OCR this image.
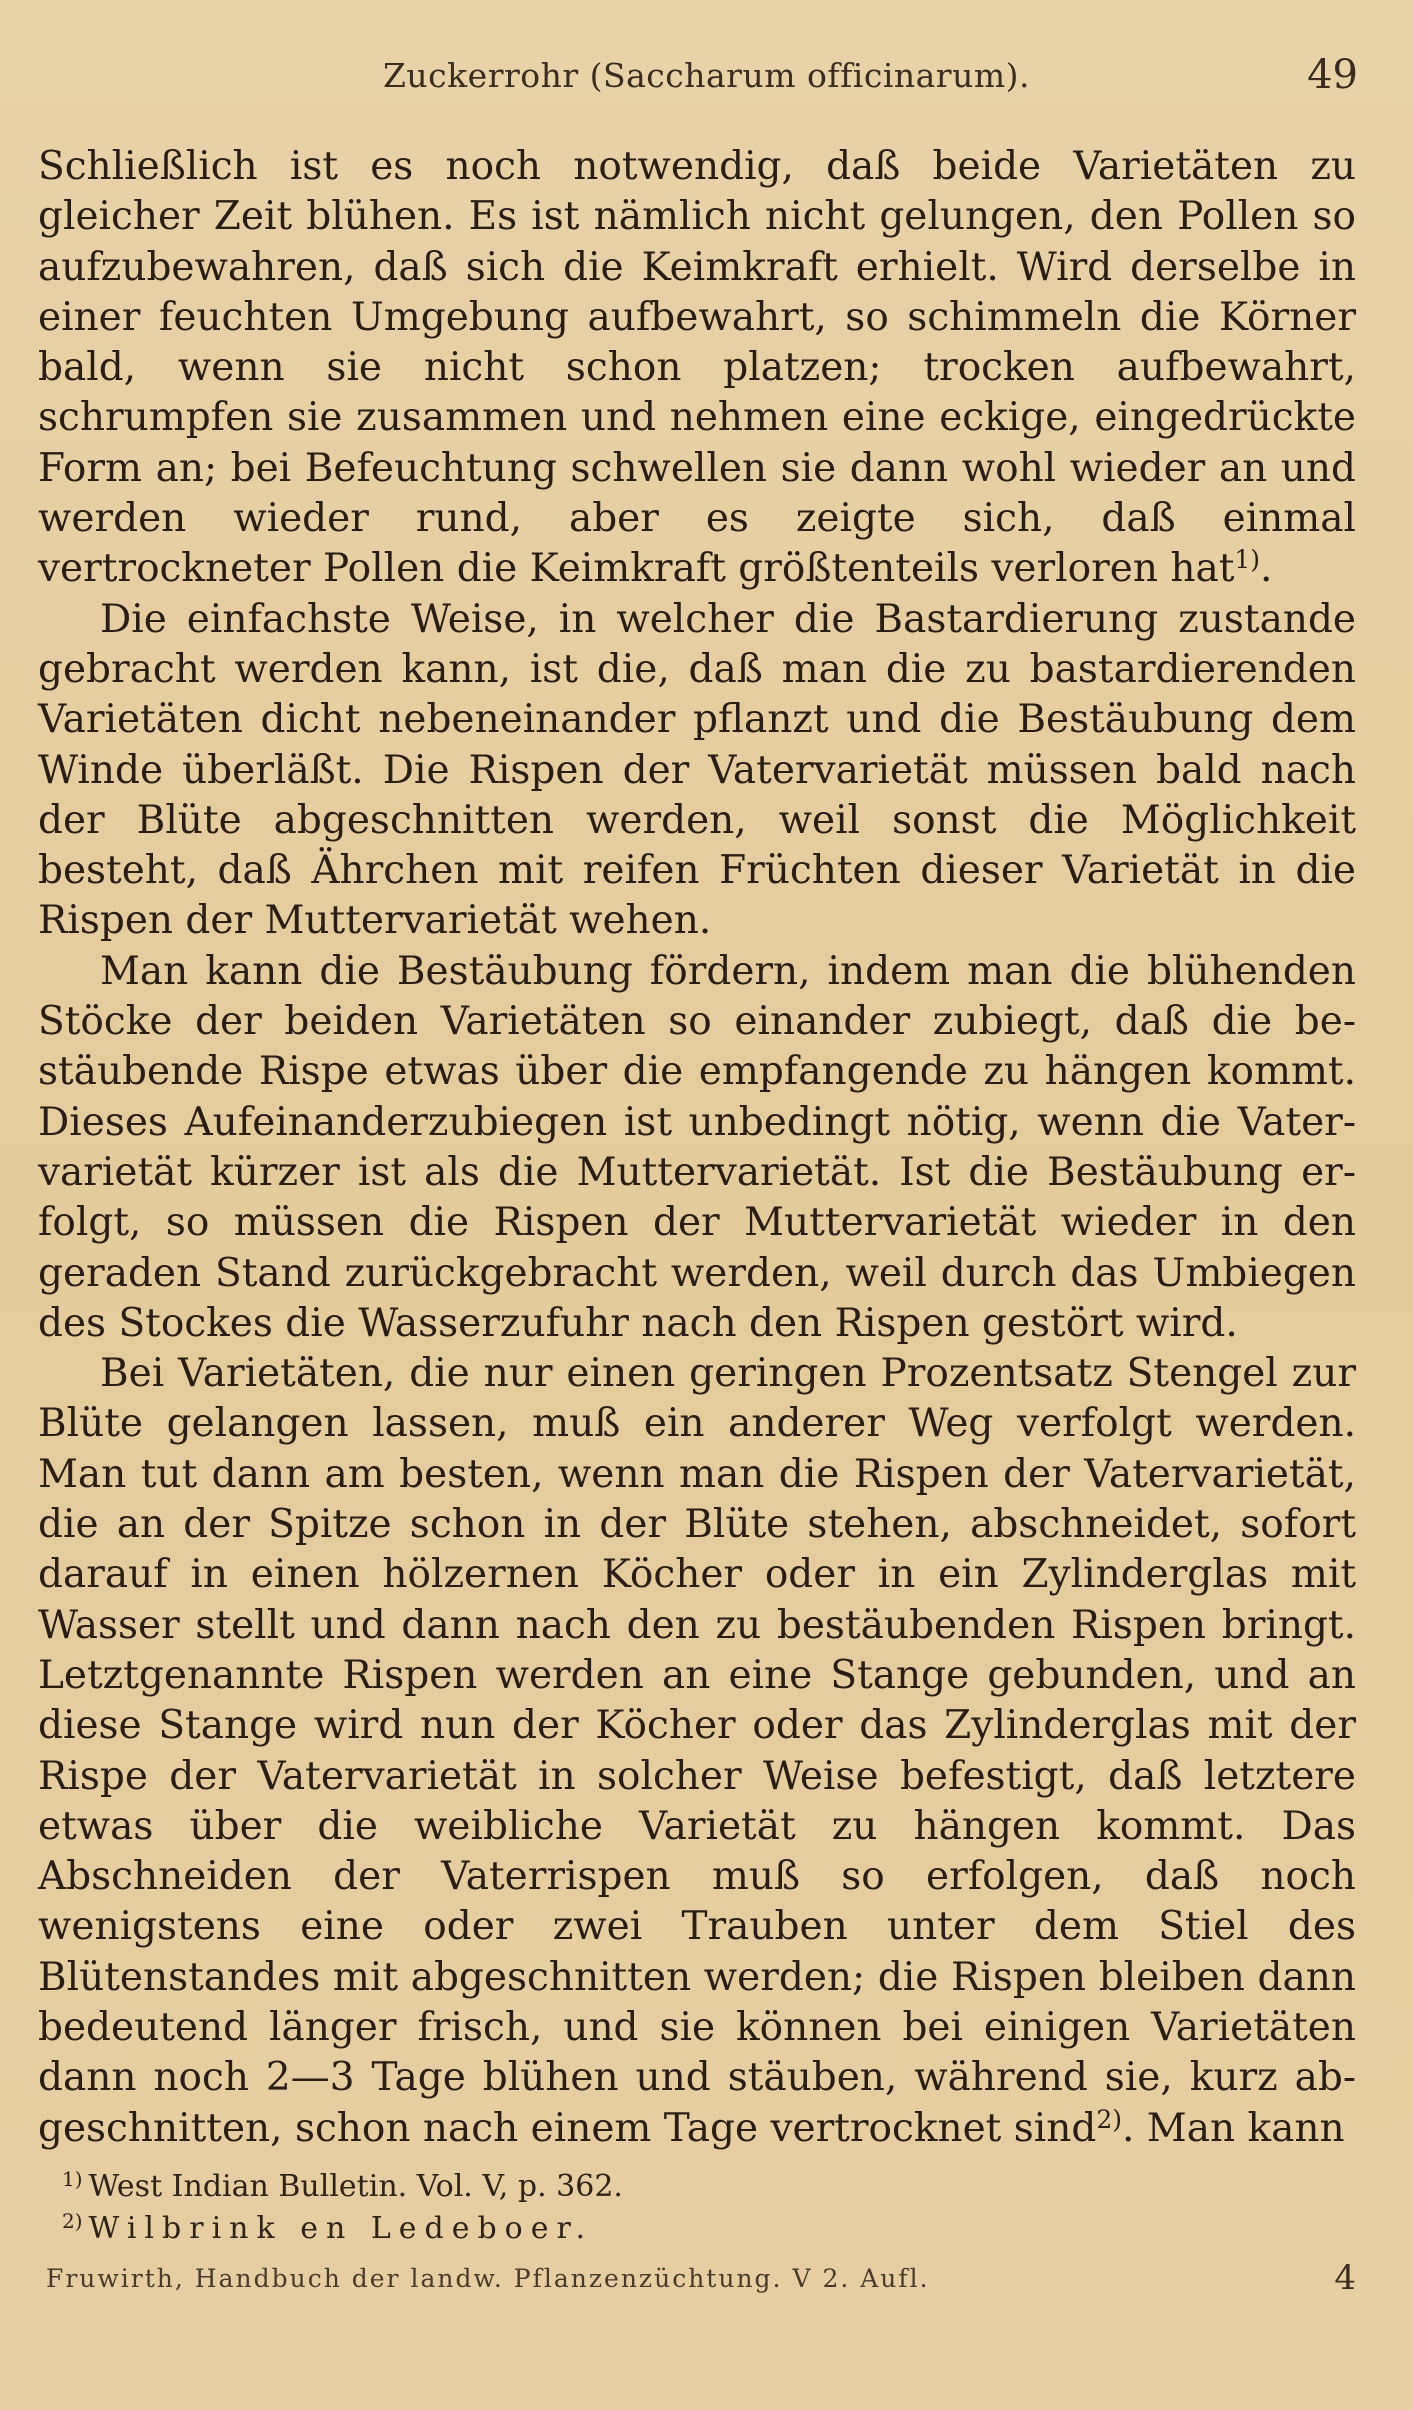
Zuckerrohr (Saccharum officinarum).	49

Schließlich ist es noch notwendig, daß beide Varietäten zu gleicher Zeit blühen. Es ist nämlich nicht gelungen, den Pollen so aufzubewahren, daß sich die Keimkraft erhielt. Wird derselbe in einer feuchten Umgebung aufbewahrt, so schimmeln die Körner bald, wenn sie nicht schon platzen; trocken aufbewahrt, schrumpfen sie zusammen und nehmen eine eckige, eingedrückte Form an; bei Befeuchtung schwellen sie dann wohl wieder an und werden wieder rund, aber es zeigte sich, daß einmal vertrockneter Pollen die Keimkraft größtenteils verloren hat$^{1)}$.

Die einfachste Weise, in welcher die Bastardierung zustande gebracht werden kann, ist die, daß man die zu bastardierenden Varietäten dicht nebeneinander pflanzt und die Bestäubung dem Winde überläßt. Die Rispen der Vatervarietät müssen bald nach der Blüte abgeschnitten werden, weil sonst die Möglichkeit besteht, daß Ährchen mit reifen Früchten dieser Varietät in die Rispen der Muttervarietät wehen.

Man kann die Bestäubung fördern, indem man die blühenden Stöcke der beiden Varietäten so einander zubiegt, daß die bestäubende Rispe etwas über die empfangende zu hängen kommt. Dieses Aufeinanderzubiegen ist unbedingt nötig, wenn die Vatervarietät kürzer ist als die Muttervarietät. Ist die Bestäubung erfolgt, so müssen die Rispen der Muttervarietät wieder in den geraden Stand zurückgebracht werden, weil durch das Umbiegen des Stockes die Wasserzufuhr nach den Rispen gestört wird.

Bei Varietäten, die nur einen geringen Prozentsatz Stengel zur Blüte gelangen lassen, muß ein anderer Weg verfolgt werden. Man tut dann am besten, wenn man die Rispen der Vatervarietät, die an der Spitze schon in der Blüte stehen, abschneidet, sofort darauf in einen hölzernen Köcher oder in ein Zylinderglas mit Wasser stellt und dann nach den zu bestäubenden Rispen bringt. Letztgenannte Rispen werden an eine Stange gebunden, und an diese Stange wird nun der Köcher oder das Zylinderglas mit der Rispe der Vatervarietät in solcher Weise befestigt, daß letztere etwas über die weibliche Varietät zu hängen kommt. Das Abschneiden der Vaterrispen muß so erfolgen, daß noch wenigstens eine oder zwei Trauben unter dem Stiel des Blütenstandes mit abgeschnitten werden; die Rispen bleiben dann bedeutend länger frisch, und sie können bei einigen Varietäten dann noch 2—3 Tage blühen und stäuben, während sie, kurz abgeschnitten, schon nach einem Tage vertrocknet sind$^{2)}$. Man kann

$^{1)}$ West Indian Bulletin. Vol. V, p. 362.
$^{2)}$ Wilbrink en Ledeboer.
Fruwirth, Handbuch der landw. Pflanzenzüchtung. V 2. Aufl.	4
